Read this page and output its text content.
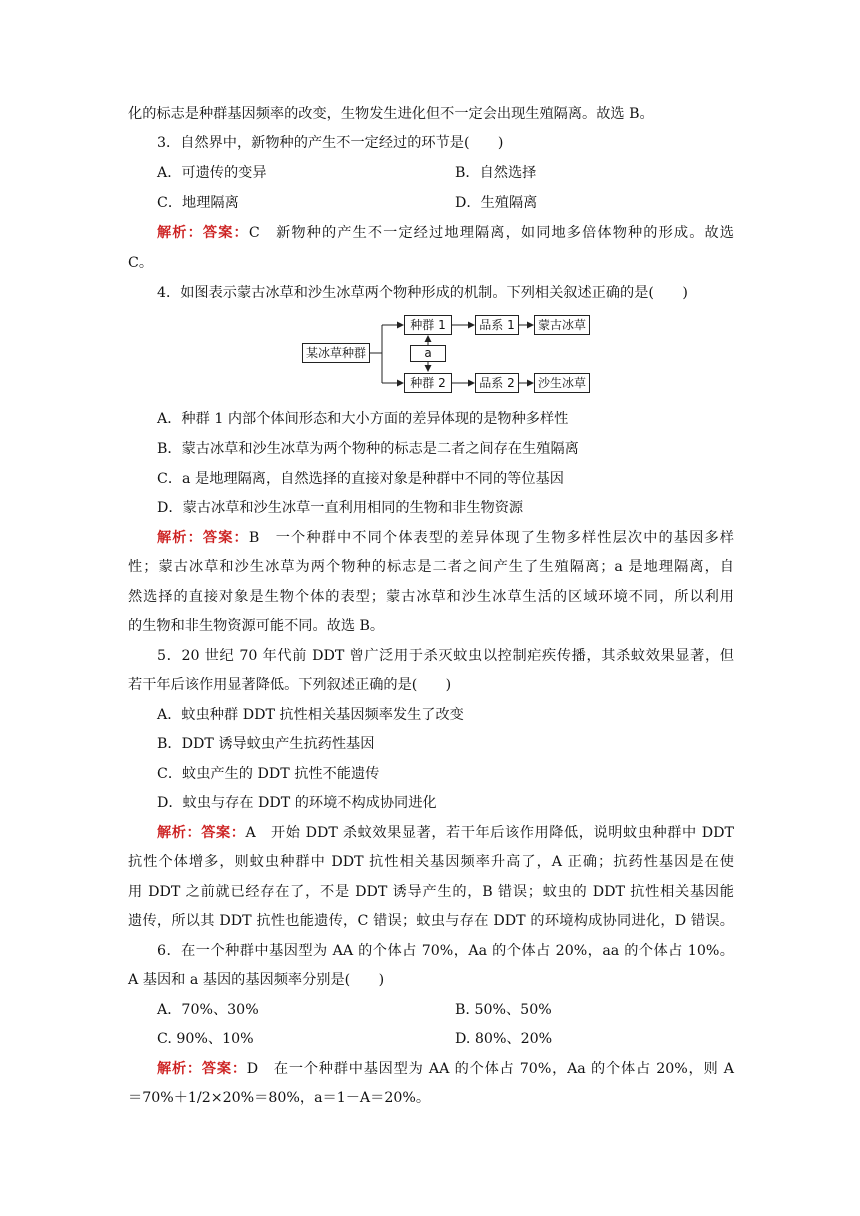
化的标志是种群基因频率的改变，生物发生进化但不一定会出现生殖隔离。故选 B。
3．自然界中，新物种的产生不一定经过的环节是(　　)
A．可遗传的变异	B．自然选择
C．地理隔离	D．生殖隔离
解析：答案：C　新物种的产生不一定经过地理隔离，如同地多倍体物种的形成。故选
C。
4．如图表示蒙古冰草和沙生冰草两个物种形成的机制。下列相关叙述正确的是(　　)
某冰草种群
种群 1
种群 2
a
品系 1
品系 2
蒙古冰草
沙生冰草
A．种群 1 内部个体间形态和大小方面的差异体现的是物种多样性
B．蒙古冰草和沙生冰草为两个物种的标志是二者之间存在生殖隔离
C．a 是地理隔离，自然选择的直接对象是种群中不同的等位基因
D．蒙古冰草和沙生冰草一直利用相同的生物和非生物资源
解析：答案：B　一个种群中不同个体表型的差异体现了生物多样性层次中的基因多样
性；蒙古冰草和沙生冰草为两个物种的标志是二者之间产生了生殖隔离；a 是地理隔离，自
然选择的直接对象是生物个体的表型；蒙古冰草和沙生冰草生活的区域环境不同，所以利用
的生物和非生物资源可能不同。故选 B。
5．20 世纪 70 年代前 DDT 曾广泛用于杀灭蚊虫以控制疟疾传播，其杀蚊效果显著，但
若干年后该作用显著降低。下列叙述正确的是(　　)
A．蚊虫种群 DDT 抗性相关基因频率发生了改变
B．DDT 诱导蚊虫产生抗药性基因
C．蚊虫产生的 DDT 抗性不能遗传
D．蚊虫与存在 DDT 的环境不构成协同进化
解析：答案：A　开始 DDT 杀蚊效果显著，若干年后该作用降低，说明蚊虫种群中 DDT
抗性个体增多，则蚊虫种群中 DDT 抗性相关基因频率升高了，A 正确；抗药性基因是在使
用 DDT 之前就已经存在了，不是 DDT 诱导产生的，B 错误；蚊虫的 DDT 抗性相关基因能
遗传，所以其 DDT 抗性也能遗传，C 错误；蚊虫与存在 DDT 的环境构成协同进化，D 错误。
6．在一个种群中基因型为 AA 的个体占 70%，Aa 的个体占 20%，aa 的个体占 10%。
A 基因和 a 基因的基因频率分别是(　　)
A．70%、30%	B. 50%、50%
C. 90%、10%	D. 80%、20%
解析：答案：D　在一个种群中基因型为 AA 的个体占 70%，Aa 的个体占 20%，则 A
＝70%＋1/2×20%＝80%，a＝1－A＝20%。
